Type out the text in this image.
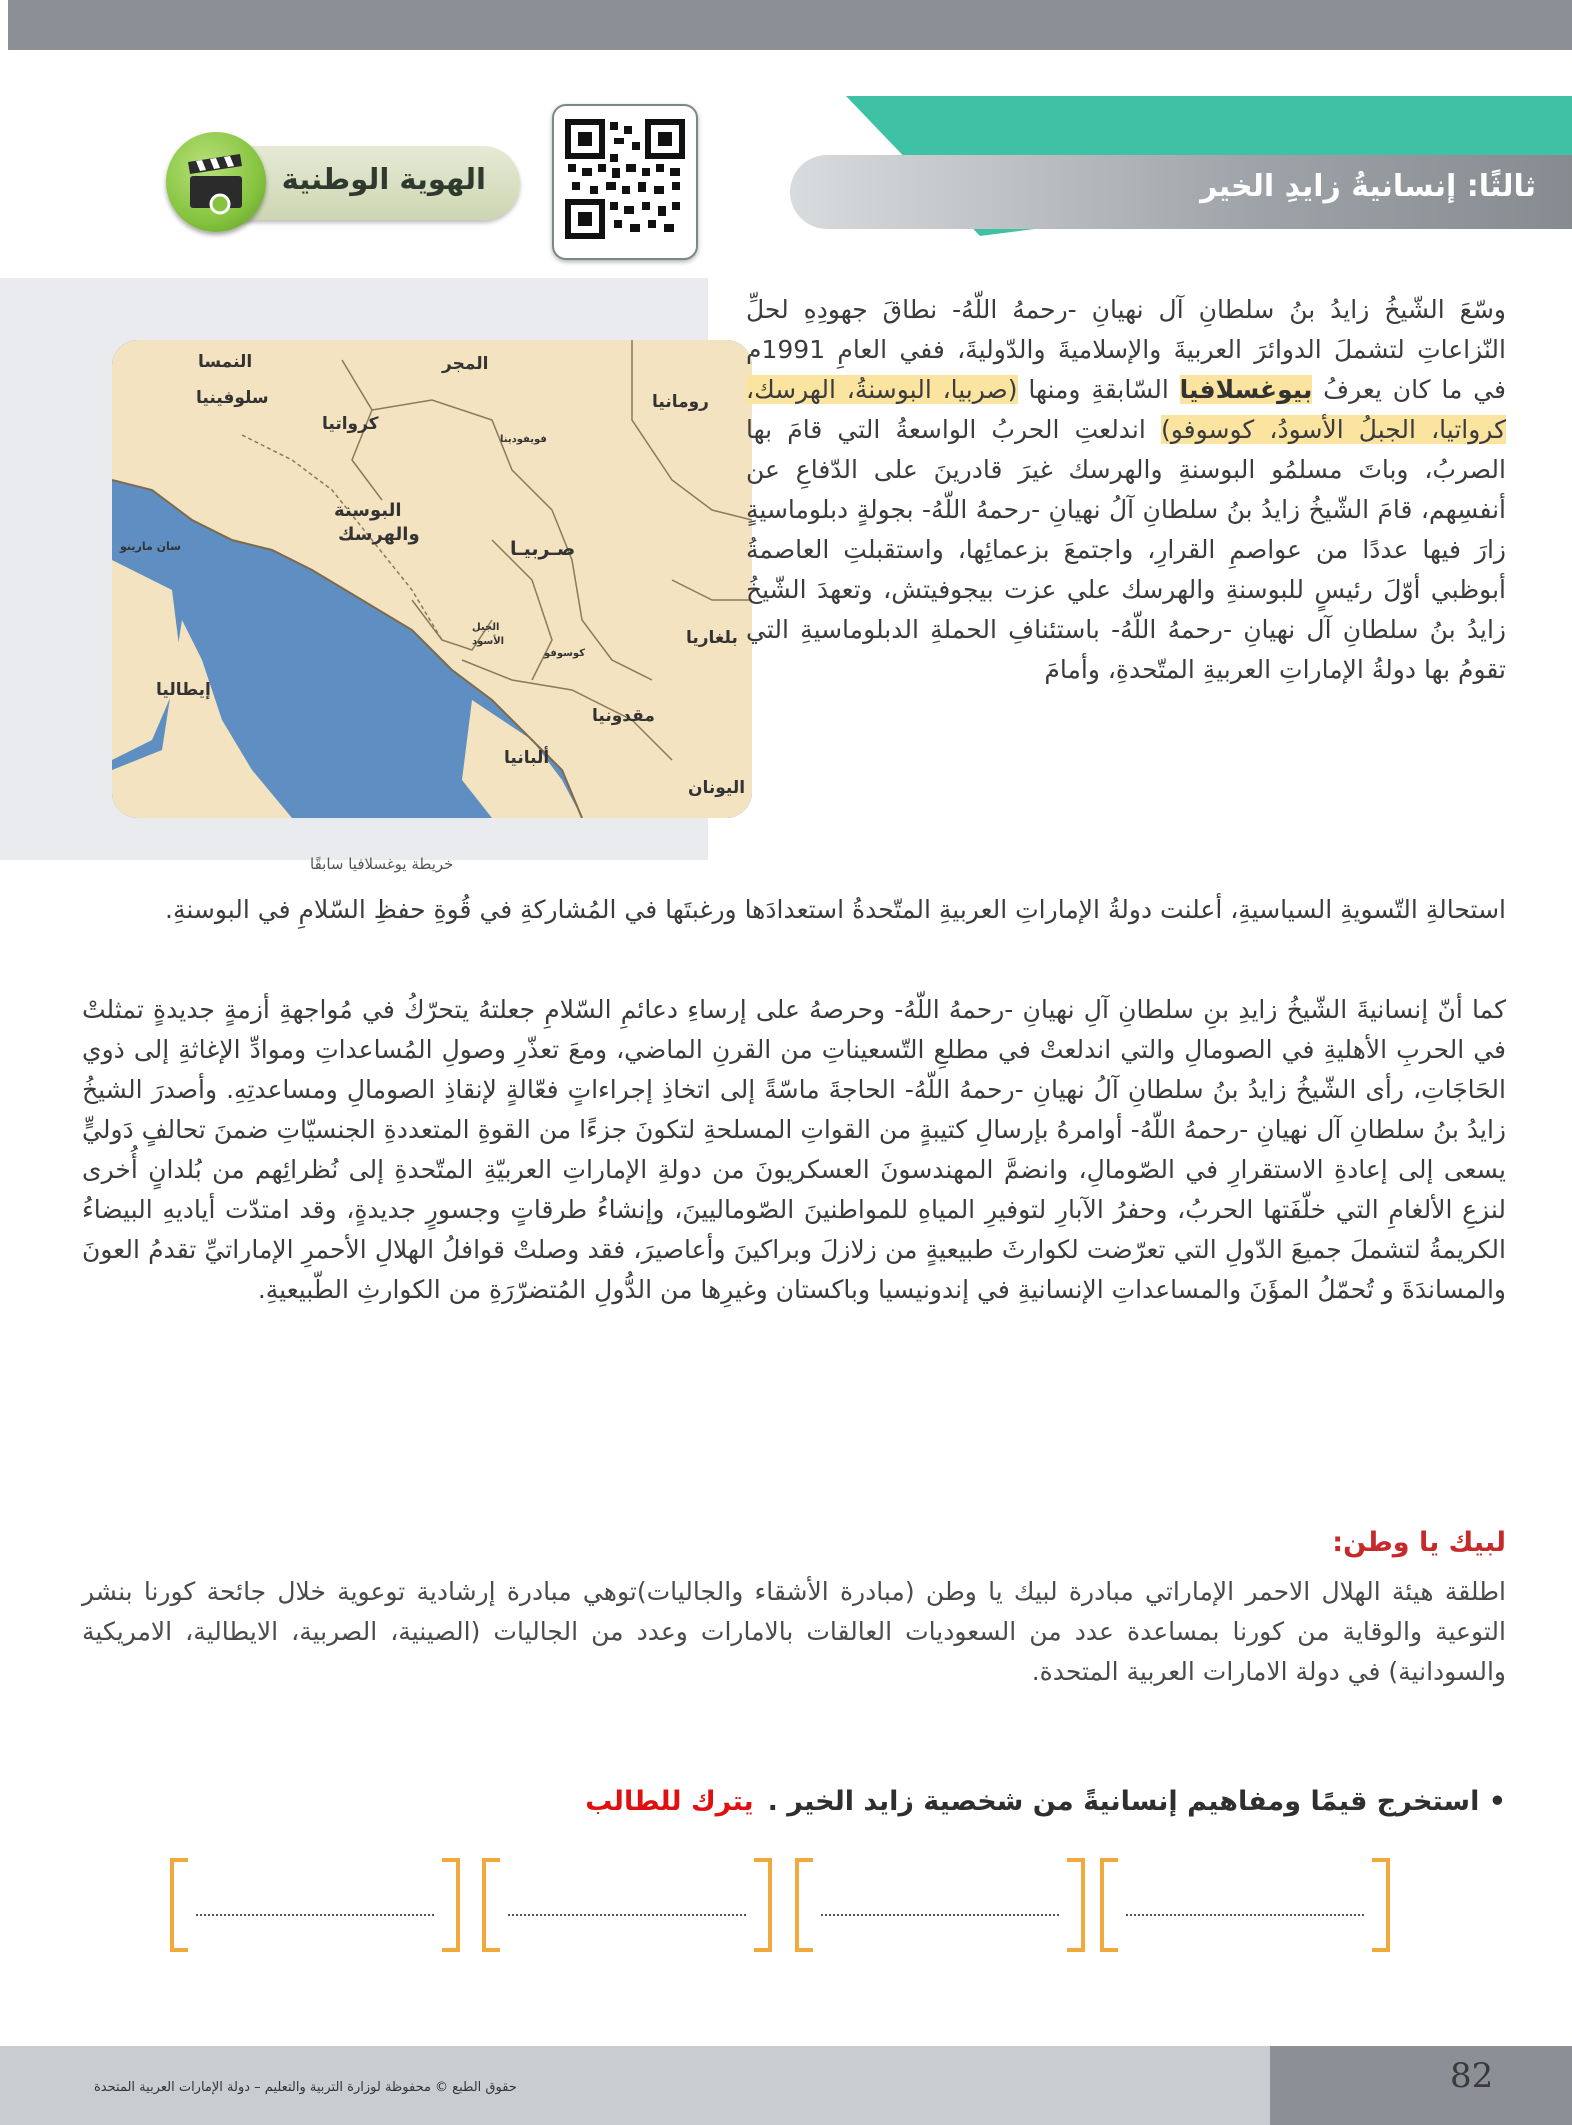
ثالثًا: إنسانيةُ زايدِ الخير
الهوية الوطنية
النمسا	المجر
سلوفينيا
كرواتيا
رومانيا
فويفودينا
البوسنة
والهرسك
صـربيـا
سان مارينو
الجبل
الأسود
كوسوفو
بلغاريا
إيطاليا
مقدونيا
ألبانيا
اليونان
خريطة يوغسلافيا سابقًا

وسّعَ الشّيخُ زايدُ بنُ سلطانِ آل نهيانِ -رحمهُ اللّهُ- نطاقَ جهودِهِ لحلِّ النّزاعاتِ لتشملَ الدوائرَ العربيةَ والإسلاميةَ والدّوليةَ، ففي العامِ 1991م في ما كان يعرفُ بيوغسلافيا السّابقةِ ومنها (صربيا، البوسنةُ، الهرسك، كرواتيا، الجبلُ الأسودُ، كوسوفو) اندلعتِ الحربُ الواسعةُ التي قامَ بها الصربُ، وباتَ مسلمُو البوسنةِ والهرسك غيرَ قادرينَ على الدّفاعِ عن أنفسِهم، قامَ الشّيخُ زايدُ بنُ سلطانِ آلُ نهيانِ -رحمهُ اللّهُ- بجولةٍ دبلوماسيةٍ زارَ فيها عددًا من عواصمِ القرارِ، واجتمعَ بزعمائِها، واستقبلتِ العاصمةُ أبوظبي أوّلَ رئيسٍ للبوسنةِ والهرسك علي عزت بيجوفيتش، وتعهدَ الشّيخُ زايدُ بنُ سلطانِ آل نهيانِ -رحمهُ اللّهُ- باستئنافِ الحملةِ الدبلوماسيةِ التي تقومُ بها دولةُ الإماراتِ العربيةِ المتّحدةِ، وأمامَ

استحالةِ التّسويةِ السياسيةِ، أعلنت دولةُ الإماراتِ العربيةِ المتّحدةُ استعدادَها ورغبتَها في المُشاركةِ في قُوةِ حفظِ السّلامِ في البوسنةِ.

كما أنّ إنسانيةَ الشّيخُ زايدِ بنِ سلطانِ آلِ نهيانِ -رحمهُ اللّهُ- وحرصهُ على إرساءِ دعائمِ السّلامِ جعلتهُ يتحرّكُ في مُواجهةِ أزمةٍ جديدةٍ تمثلتْ في الحربِ الأهليةِ في الصومالِ والتي اندلعتْ في مطلعِ التّسعيناتِ من القرنِ الماضي، ومعَ تعذّرِ وصولِ المُساعداتِ وموادِّ الإغاثةِ إلى ذوي الحَاجَاتِ، رأى الشّيخُ زايدُ بنُ سلطانِ آلُ نهيانِ -رحمهُ اللّهُ- الحاجةَ ماسّةً إلى اتخاذِ إجراءاتٍ فعّالةٍ لإنقاذِ الصومالِ ومساعدتِهِ. وأصدرَ الشيخُ زايدُ بنُ سلطانِ آل نهيانِ -رحمهُ اللّهُ- أوامرهُ بإرسالِ كتيبةٍ من القواتِ المسلحةِ لتكونَ جزءًا من القوةِ المتعددةِ الجنسيّاتِ ضمنَ تحالفٍ دَوليٍّ يسعى إلى إعادةِ الاستقرارِ في الصّومالِ، وانضمَّ المهندسونَ العسكريونَ من دولةِ الإماراتِ العربيّةِ المتّحدةِ إلى نُظرائِهم من بُلدانٍ أُخرى لنزعِ الألغامِ التي خلّفَتها الحربُ، وحفرُ الآبارِ لتوفيرِ المياهِ للمواطنينَ الصّوماليينَ، وإنشاءُ طرقاتٍ وجسورٍ جديدةٍ، وقد امتدّت أياديهِ البيضاءُ الكريمةُ لتشملَ جميعَ الدّولِ التي تعرّضت لكوارثَ طبيعيةٍ من زلازلَ وبراكينَ وأعاصيرَ، فقد وصلتْ قوافلُ الهلالِ الأحمرِ الإماراتيِّ تقدمُ العونَ والمساندَةَ و تُحمّلُ المؤَنَ والمساعداتِ الإنسانيةِ في إندونيسيا وباكستان وغيرِها من الدُّولِ المُتضرّرَةِ من الكوارثِ الطّبيعيةِ.

لبيك يا وطن:

اطلقة هيئة الهلال الاحمر الإماراتي مبادرة لبيك يا وطن (مبادرة الأشقاء والجاليات)توهي مبادرة إرشادية توعوية خلال جائحة كورنا بنشر التوعية والوقاية من كورنا بمساعدة عدد من السعوديات العالقات بالامارات وعدد من الجاليات (الصينية، الصربية، الايطالية، الامريكية والسودانية) في دولة الامارات العربية المتحدة.

• استخرج قيمًا ومفاهيم إنسانيةً من شخصية زايد الخير .يترك للطالب
82
حقوق الطبع © محفوظة لوزارة التربية والتعليم – دولة الإمارات العربية المتحدة
